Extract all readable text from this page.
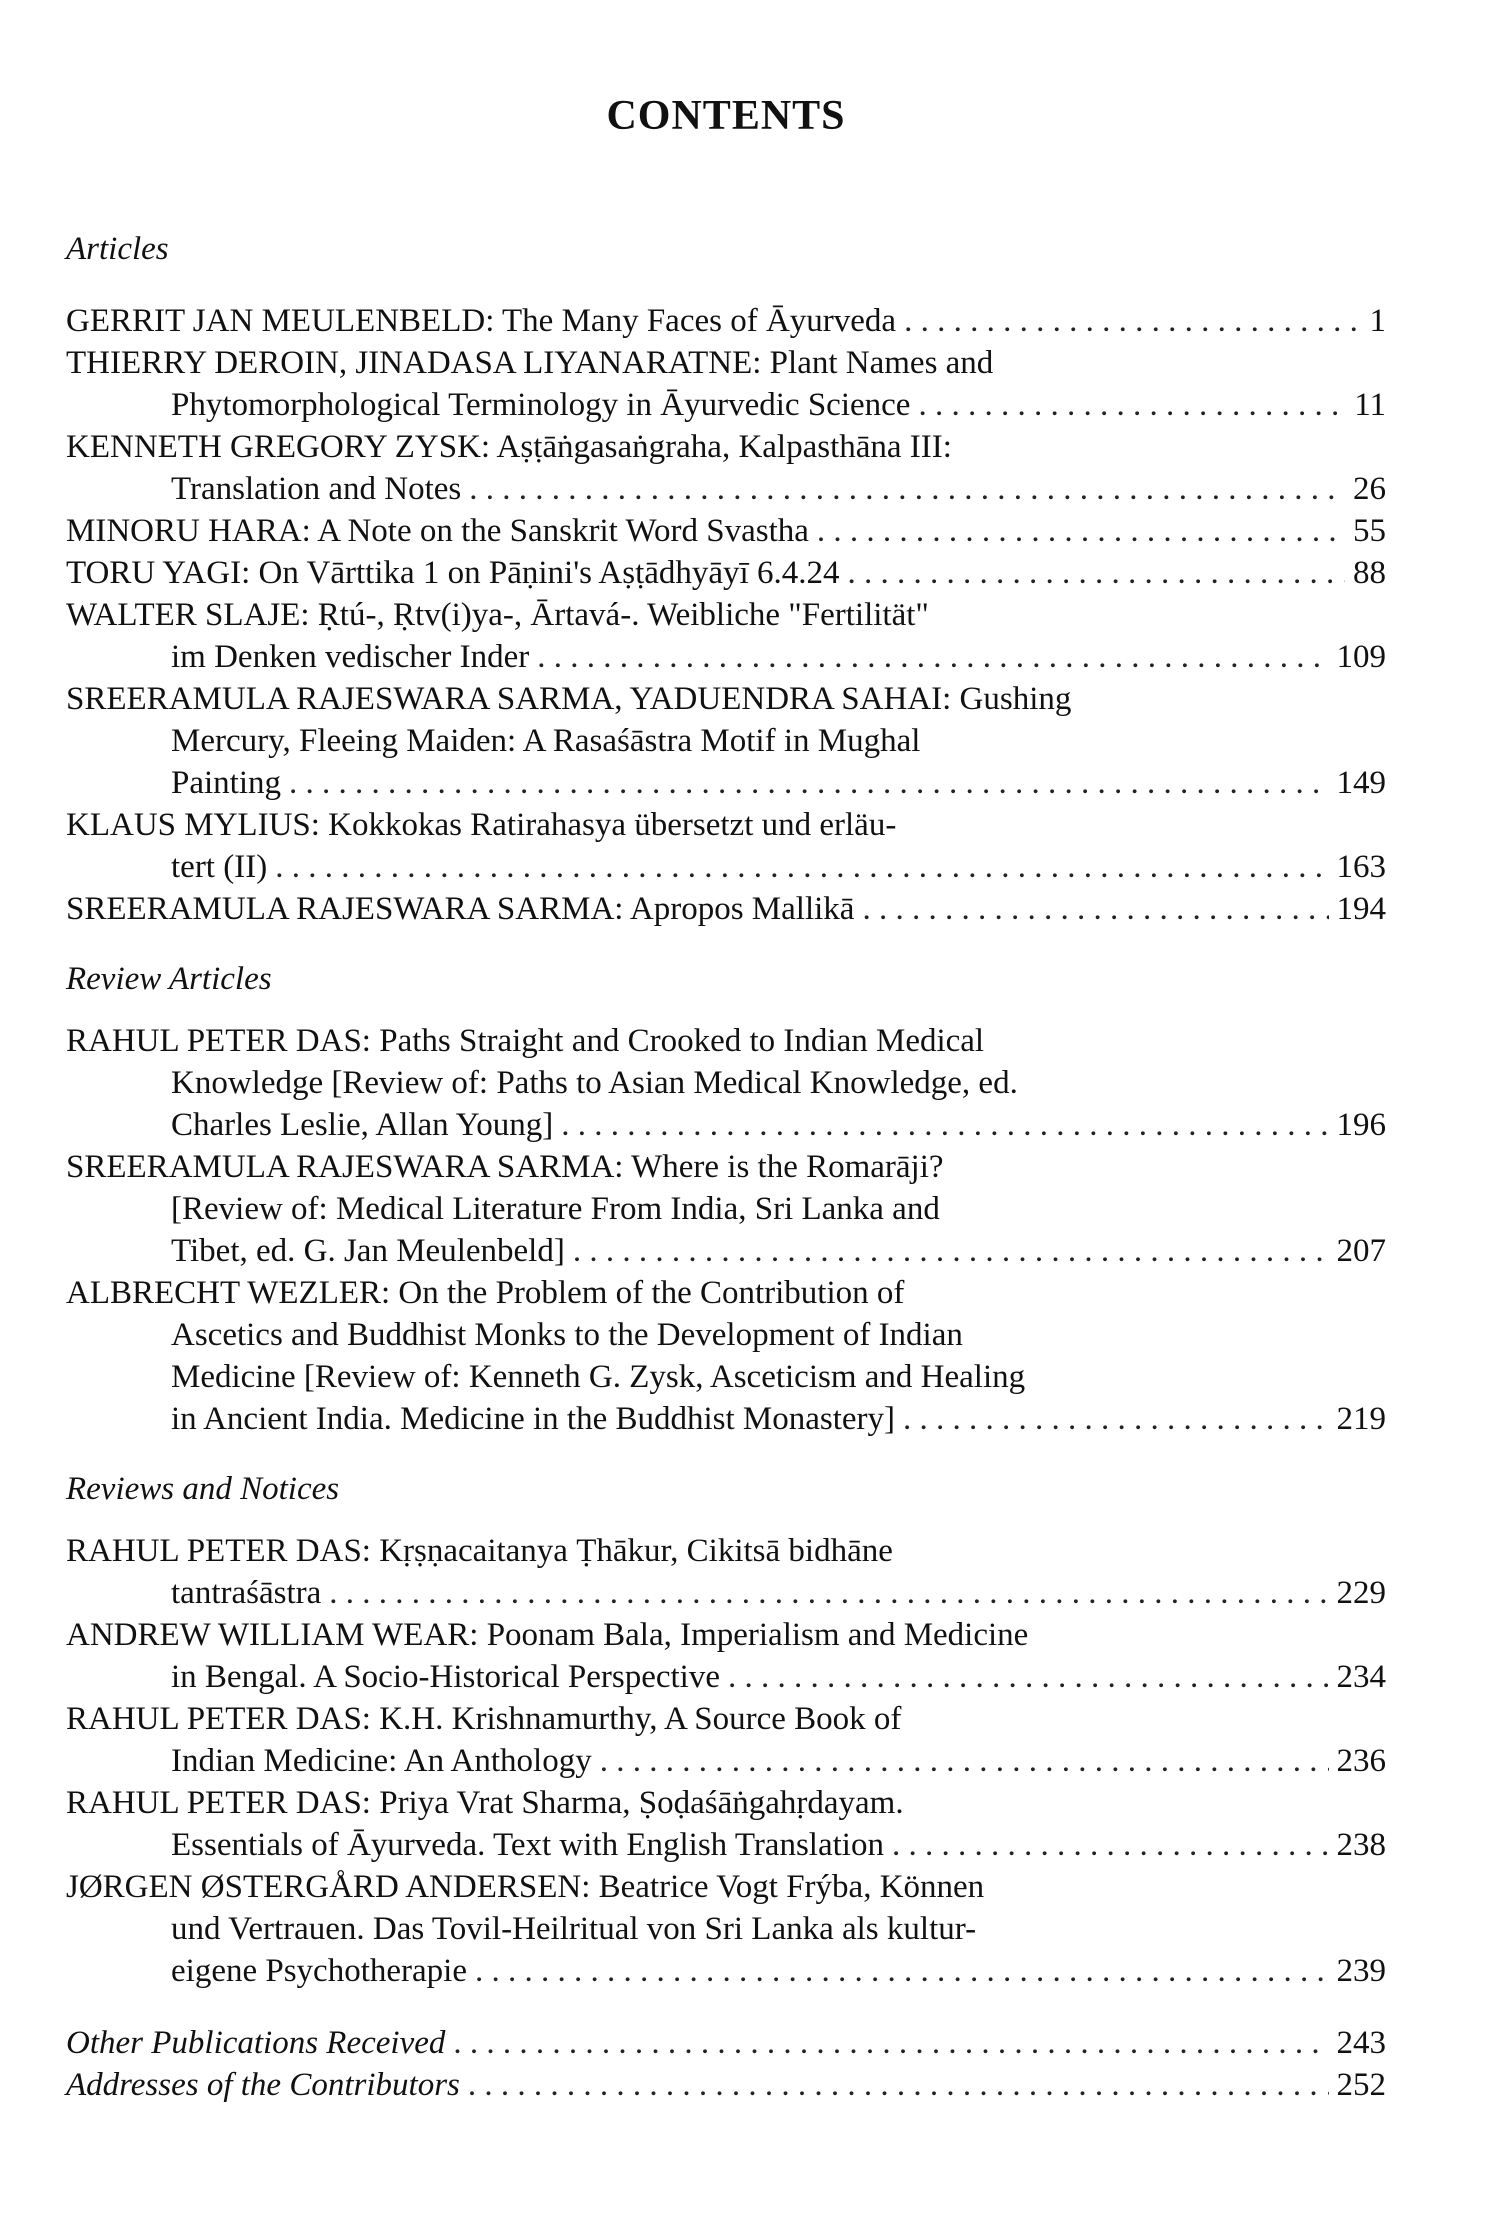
CONTENTS
Articles
GERRIT JAN MEULENBELD: The Many Faces of Āyurveda . . .	1
THIERRY DEROIN, JINADASA LIYANARATNE: Plant Names and
Phytomorphological Terminology in Āyurvedic Science . . .	11
KENNETH GREGORY ZYSK: Aṣṭāṅgasaṅgraha, Kalpasthāna III:
Translation and Notes . . .	26
MINORU HARA: A Note on the Sanskrit Word Svastha . . .	55
TORU YAGI: On Vārttika 1 on Pāṇini's Aṣṭādhyāyī 6.4.24 . . .	88
WALTER SLAJE: Ṛtú-, Ṛtv(i)ya-, Ārtavá-. Weibliche "Fertilität"
im Denken vedischer Inder . . .	109
SREERAMULA RAJESWARA SARMA, YADUENDRA SAHAI: Gushing
Mercury, Fleeing Maiden: A Rasaśāstra Motif in Mughal
Painting . . .	149
KLAUS MYLIUS: Kokkokas Ratirahasya übersetzt und erläu-
tert (II) . . .	163
SREERAMULA RAJESWARA SARMA: Apropos Mallikā . . .	194
Review Articles
RAHUL PETER DAS: Paths Straight and Crooked to Indian Medical
Knowledge [Review of: Paths to Asian Medical Knowledge, ed.
Charles Leslie, Allan Young] . . .	196
SREERAMULA RAJESWARA SARMA: Where is the Romarāji?
[Review of: Medical Literature From India, Sri Lanka and
Tibet, ed. G. Jan Meulenbeld] . . .	207
ALBRECHT WEZLER: On the Problem of the Contribution of
Ascetics and Buddhist Monks to the Development of Indian
Medicine [Review of: Kenneth G. Zysk, Asceticism and Healing
in Ancient India. Medicine in the Buddhist Monastery] . . .	219
Reviews and Notices
RAHUL PETER DAS: Kṛṣṇacaitanya Ṭhākur, Cikitsā bidhāne
tantraśāstra . . .	229
ANDREW WILLIAM WEAR: Poonam Bala, Imperialism and Medicine
in Bengal. A Socio-Historical Perspective . . .	234
RAHUL PETER DAS: K.H. Krishnamurthy, A Source Book of
Indian Medicine: An Anthology . . .	236
RAHUL PETER DAS: Priya Vrat Sharma, Ṣoḍaśāṅgahṛdayam.
Essentials of Āyurveda. Text with English Translation . . .	238
JØRGEN ØSTERGÅRD ANDERSEN: Beatrice Vogt Frýba, Können
und Vertrauen. Das Tovil-Heilritual von Sri Lanka als kultur-
eigene Psychotherapie . . .	239
Other Publications Received . . .	243
Addresses of the Contributors . . .	252
